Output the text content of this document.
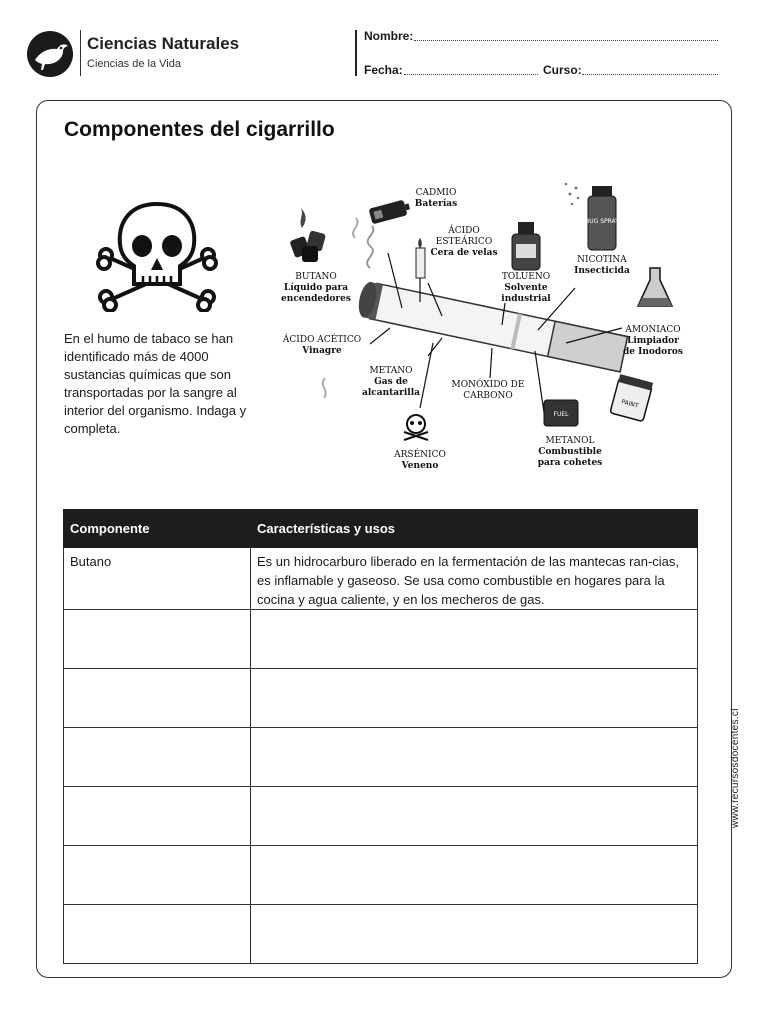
Ciencias Naturales
Ciencias de la Vida
Nombre:
Fecha:	Curso:
Componentes del cigarrillo
En el humo de tabaco se han identificado más de 4000 sustancias químicas que son transportadas por la sangre al interior del organismo. Indaga y completa.
BUG SPRAY
FUEL
PAINT
CADMIO
Baterías
ÁCIDO ESTEÁRICO
Cera de velas
BUTANO
Líquido para encendedores
TOLUENO
Solvente industrial
NICOTINA
Insecticida
ÁCIDO ACÉTICO
Vinagre
AMONIACO
Limpiador de Inodoros
METANO
Gas de alcantarilla
MONÓXIDO DE CARBONO
ARSÉNICO
Veneno
METANOL
Combustible para cohetes
Componente	Características y usos
Butano	Es un hidrocarburo liberado en la fermentación de las mantecas ran-cias, es inflamable y gaseoso. Se usa como combustible en hogares para la cocina y agua caliente, y en los mecheros de gas.

www.recursosdocentes.cl
